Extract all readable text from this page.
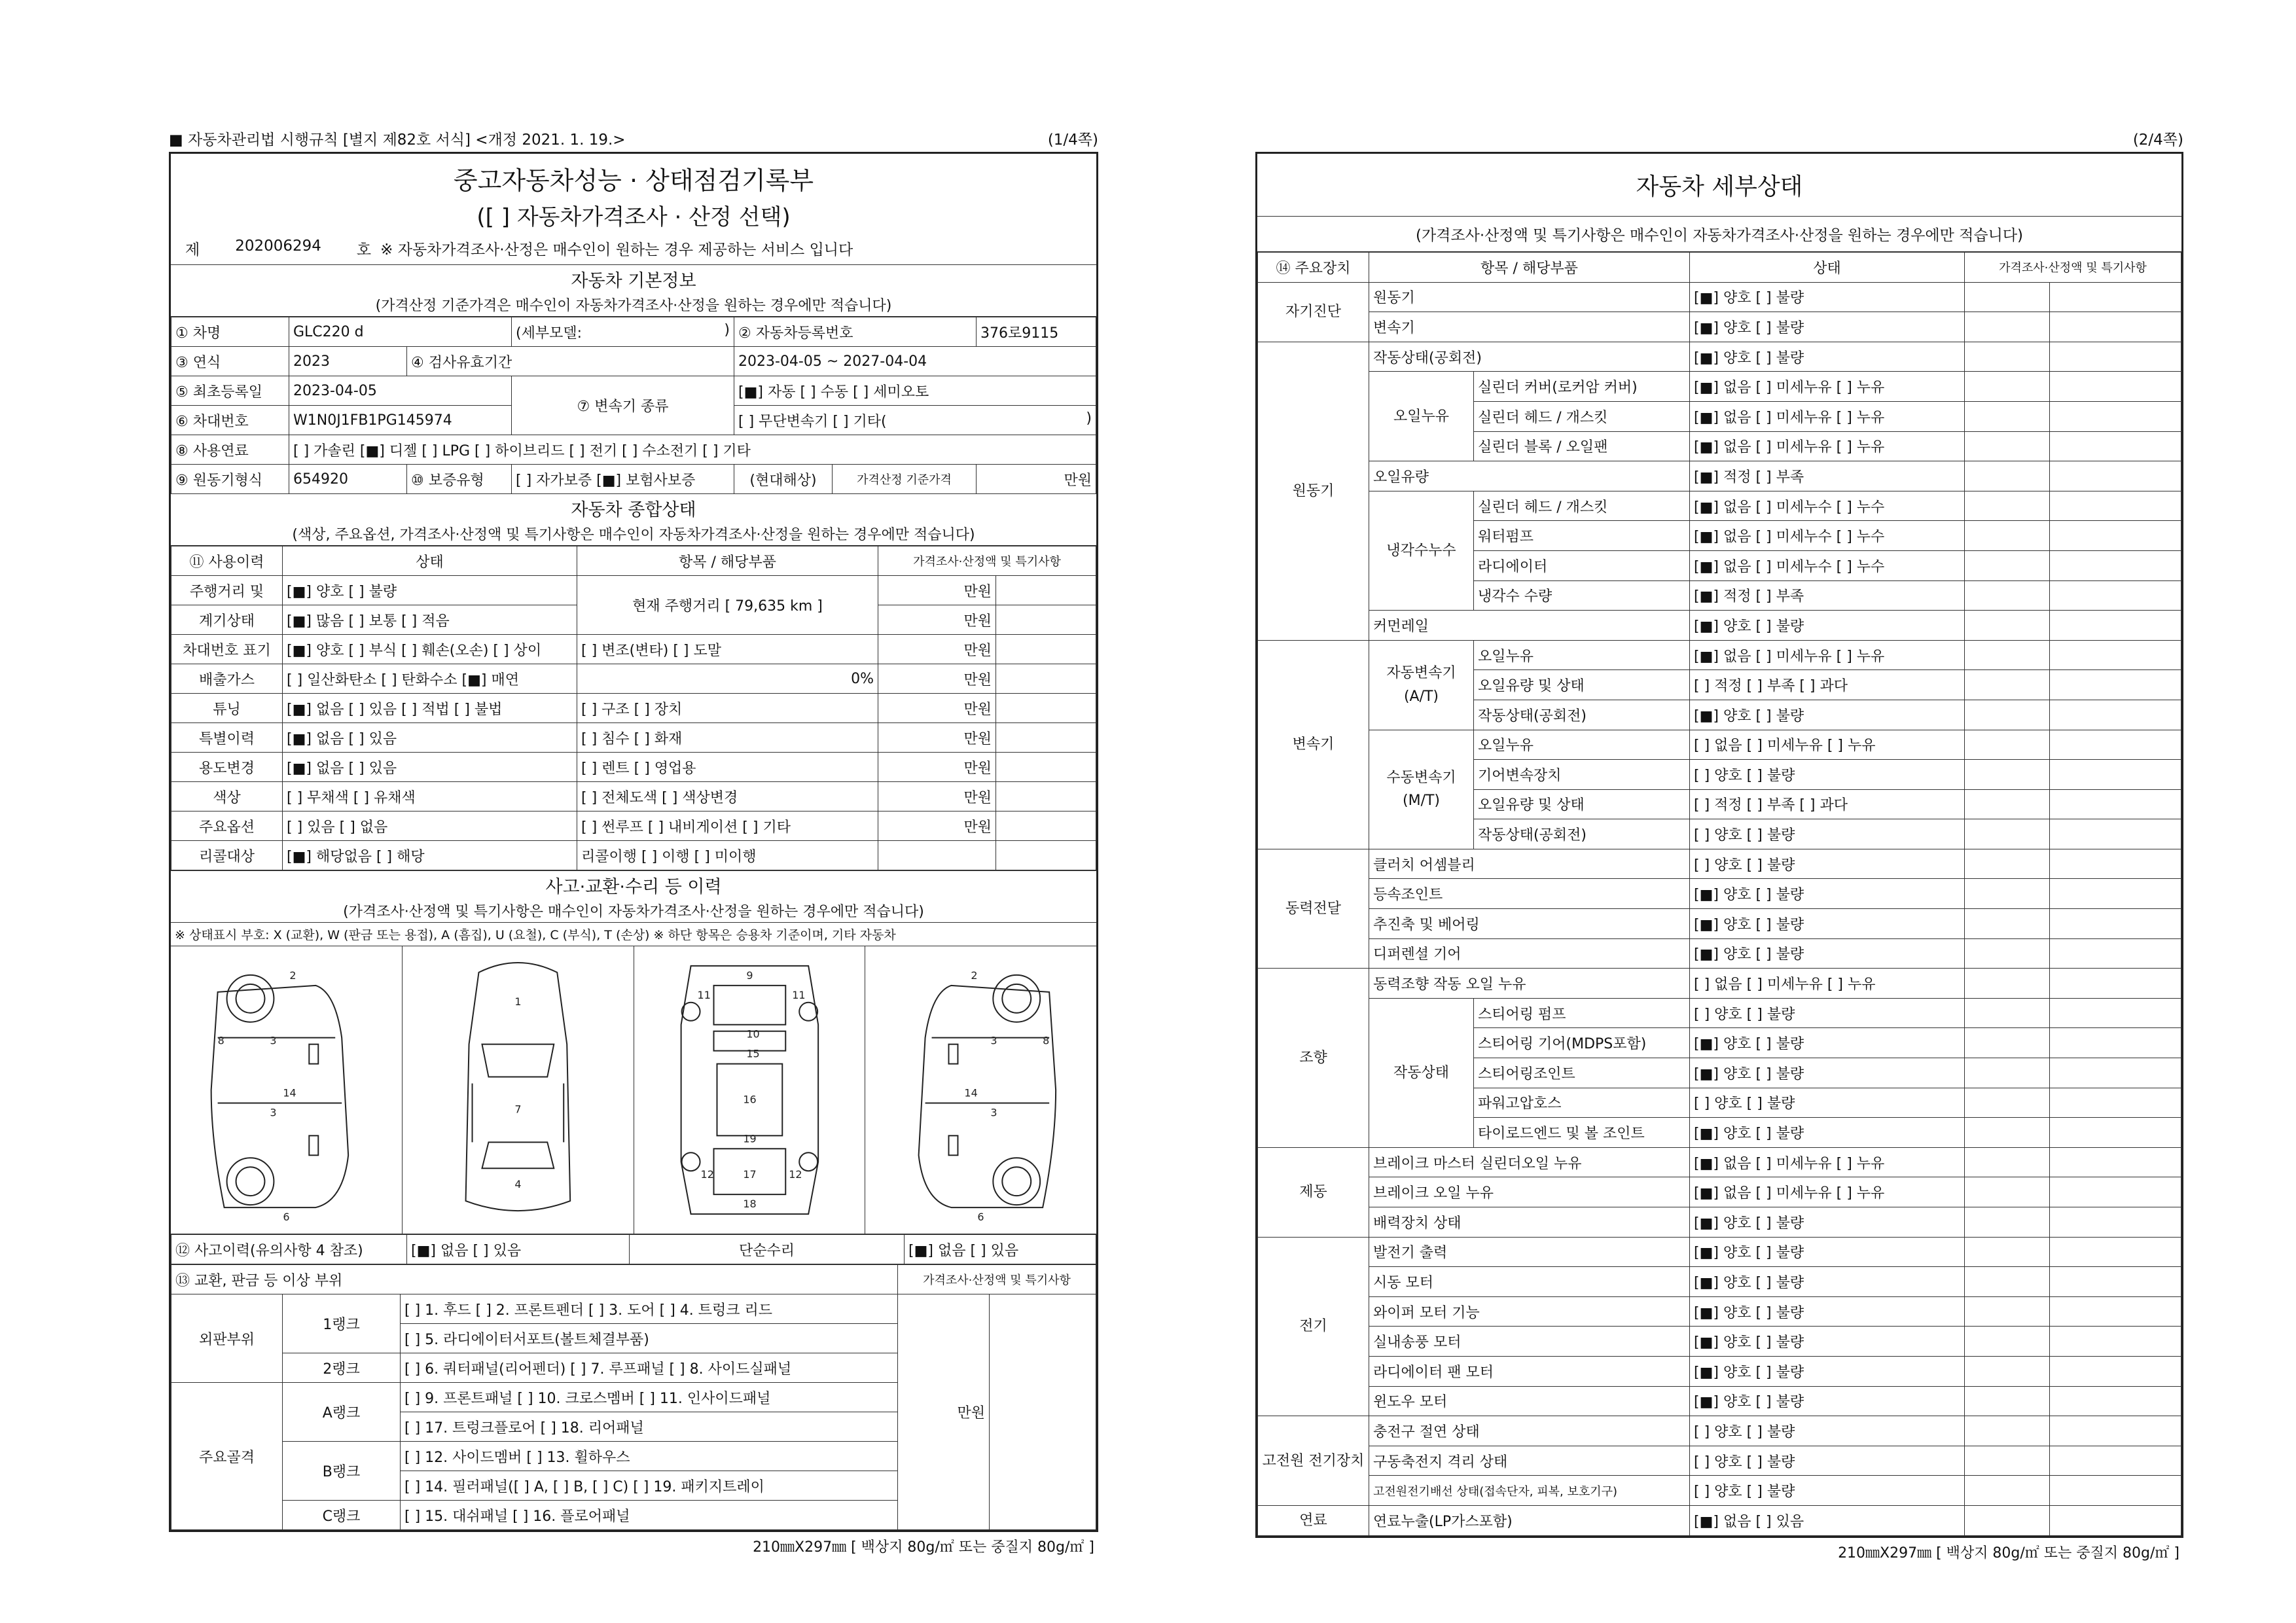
■ 자동차관리법 시행규칙 [별지 제82호 서식] <개정 2021. 1. 19.>	(1/4쪽)
중고자동차성능 · 상태점검기록부
([ ] 자동차가격조사 · 산정 선택)
제 202006294 호 ※ 자동차가격조사·산정은 매수인이 원하는 경우 제공하는 서비스 입니다
자동차 기본정보
(가격산정 기준가격은 매수인이 자동차가격조사·산정을 원하는 경우에만 적습니다)
① 차명	GLC220 d		(세부모델: )	② 자동차등록번호		376로9115
③ 연식	2023	④ 검사유효기간		2023-04-05 ~ 2027-04-04		
⑤ 최초등록일	2023-04-05		⑦ 변속기 종류	[■] 자동 [ ] 수동 [ ] 세미오토		
⑥ 차대번호	W1N0J1FB1PG145974			[ ] 무단변속기 [ ] 기타( )		

⑧ 사용연료	[ ] 가솔린 [■] 디젤 [ ] LPG [ ] 하이브리드 [ ] 전기 [ ] 수소전기 [ ] 기타					
⑨ 원동기형식	654920	⑩ 보증유형	[ ] 자가보증 [■] 보험사보증	(현대해상)	가격산정 기준가격	만원
자동차 종합상태
(색상, 주요옵션, 가격조사·산정액 및 특기사항은 매수인이 자동차가격조사·산정을 원하는 경우에만 적습니다)
⑪ 사용이력	상태	항목 / 해당부품	가격조사·산정액 및 특기사항	
주행거리 및	[■] 양호 [ ] 불량	현재 주행거리 [ 79,635 km ]	만원	
계기상태	[■] 많음 [ ] 보통 [ ] 적음		만원	
차대번호 표기	[■] 양호 [ ] 부식 [ ] 훼손(오손) [ ] 상이	[ ] 변조(변타) [ ] 도말	만원	
배출가스	[ ] 일산화탄소 [ ] 탄화수소 [■] 매연	0%	만원	
튜닝	[■] 없음 [ ] 있음 [ ] 적법 [ ] 불법	[ ] 구조 [ ] 장치	만원	
특별이력	[■] 없음 [ ] 있음	[ ] 침수 [ ] 화재	만원	
용도변경	[■] 없음 [ ] 있음	[ ] 렌트 [ ] 영업용	만원	
색상	[ ] 무채색 [ ] 유채색	[ ] 전체도색 [ ] 색상변경	만원	
주요옵션	[ ] 있음 [ ] 없음	[ ] 썬루프 [ ] 내비게이션 [ ] 기타	만원	
리콜대상	[■] 해당없음 [ ] 해당	리콜이행 [ ] 이행 [ ] 미이행		
사고·교환·수리 등 이력
(가격조사·산정액 및 특기사항은 매수인이 자동차가격조사·산정을 원하는 경우에만 적습니다)
※ 상태표시 부호: X (교환), W (판금 또는 용접), A (흠집), U (요철), C (부식), T (손상) ※ 하단 항목은 승용차 기준이며, 기타 자동차
2
8	3
3
14
6
1
7
4
9
10
15
16
19
17
12	12
18
11	11
2
8
3
3
14
6
⑫ 사고이력(유의사항 4 참조)	[■] 없음 [ ] 있음	단순수리	[■] 없음 [ ] 있음
⑬ 교환, 판금 등 이상 부위			가격조사·산정액 및 특기사항	
외판부위	1랭크	[ ] 1. 후드 [ ] 2. 프론트펜더 [ ] 3. 도어 [ ] 4. 트렁크 리드	만원	
		[ ] 5. 라디에이터서포트(볼트체결부품)		
	2랭크	[ ] 6. 쿼터패널(리어펜더) [ ] 7. 루프패널 [ ] 8. 사이드실패널		
주요골격	A랭크	[ ] 9. 프론트패널 [ ] 10. 크로스멤버 [ ] 11. 인사이드패널		
		[ ] 17. 트렁크플로어 [ ] 18. 리어패널		
	B랭크	[ ] 12. 사이드멤버 [ ] 13. 휠하우스		
		[ ] 14. 필러패널([ ] A, [ ] B, [ ] C) [ ] 19. 패키지트레이		
	C랭크	[ ] 15. 대쉬패널 [ ] 16. 플로어패널		
210㎜X297㎜ [ 백상지 80g/㎡ 또는 중질지 80g/㎡ ]
(2/4쪽)
자동차 세부상태
(가격조사·산정액 및 특기사항은 매수인이 자동차가격조사·산정을 원하는 경우에만 적습니다)
⑭ 주요장치	항목 / 해당부품		상태	가격조사·산정액 및 특기사항	
자기진단	원동기		[■] 양호 [ ] 불량		
	변속기		[■] 양호 [ ] 불량		
원동기	작동상태(공회전)		[■] 양호 [ ] 불량		
	오일누유	실린더 커버(로커암 커버)	[■] 없음 [ ] 미세누유 [ ] 누유		
		실린더 헤드 / 개스킷	[■] 없음 [ ] 미세누유 [ ] 누유		
		실린더 블록 / 오일팬	[■] 없음 [ ] 미세누유 [ ] 누유		
	오일유량		[■] 적정 [ ] 부족		
	냉각수누수	실린더 헤드 / 개스킷	[■] 없음 [ ] 미세누수 [ ] 누수		
		워터펌프	[■] 없음 [ ] 미세누수 [ ] 누수		
		라디에이터	[■] 없음 [ ] 미세누수 [ ] 누수		
		냉각수 수량	[■] 적정 [ ] 부족		
	커먼레일		[■] 양호 [ ] 불량		
변속기	자동변속기 (A/T)	오일누유	[■] 없음 [ ] 미세누유 [ ] 누유		
		오일유량 및 상태	[ ] 적정 [ ] 부족 [ ] 과다		
		작동상태(공회전)	[■] 양호 [ ] 불량		
	수동변속기 (M/T)	오일누유	[ ] 없음 [ ] 미세누유 [ ] 누유		
		기어변속장치	[ ] 양호 [ ] 불량		
		오일유량 및 상태	[ ] 적정 [ ] 부족 [ ] 과다		
		작동상태(공회전)	[ ] 양호 [ ] 불량		
동력전달	클러치 어셈블리		[ ] 양호 [ ] 불량		
	등속조인트		[■] 양호 [ ] 불량		
	추진축 및 베어링		[■] 양호 [ ] 불량		
	디퍼렌셜 기어		[■] 양호 [ ] 불량		
조향	동력조향 작동 오일 누유		[ ] 없음 [ ] 미세누유 [ ] 누유		
	작동상태	스티어링 펌프	[ ] 양호 [ ] 불량		
		스티어링 기어(MDPS포함)	[■] 양호 [ ] 불량		
		스티어링조인트	[■] 양호 [ ] 불량		
		파워고압호스	[ ] 양호 [ ] 불량		
		타이로드엔드 및 볼 조인트	[■] 양호 [ ] 불량		
제동	브레이크 마스터 실린더오일 누유		[■] 없음 [ ] 미세누유 [ ] 누유		
	브레이크 오일 누유		[■] 없음 [ ] 미세누유 [ ] 누유		
	배력장치 상태		[■] 양호 [ ] 불량		
전기	발전기 출력		[■] 양호 [ ] 불량		
	시동 모터		[■] 양호 [ ] 불량		
	와이퍼 모터 기능		[■] 양호 [ ] 불량		
	실내송풍 모터		[■] 양호 [ ] 불량		
	라디에이터 팬 모터		[■] 양호 [ ] 불량		
	윈도우 모터		[■] 양호 [ ] 불량		
고전원 전기장치	충전구 절연 상태		[ ] 양호 [ ] 불량		
	구동축전지 격리 상태		[ ] 양호 [ ] 불량		
	고전원전기배선 상태(접속단자, 피복, 보호기구)		[ ] 양호 [ ] 불량		
연료	연료누출(LP가스포함)		[■] 없음 [ ] 있음		
210㎜X297㎜ [ 백상지 80g/㎡ 또는 중질지 80g/㎡ ]
